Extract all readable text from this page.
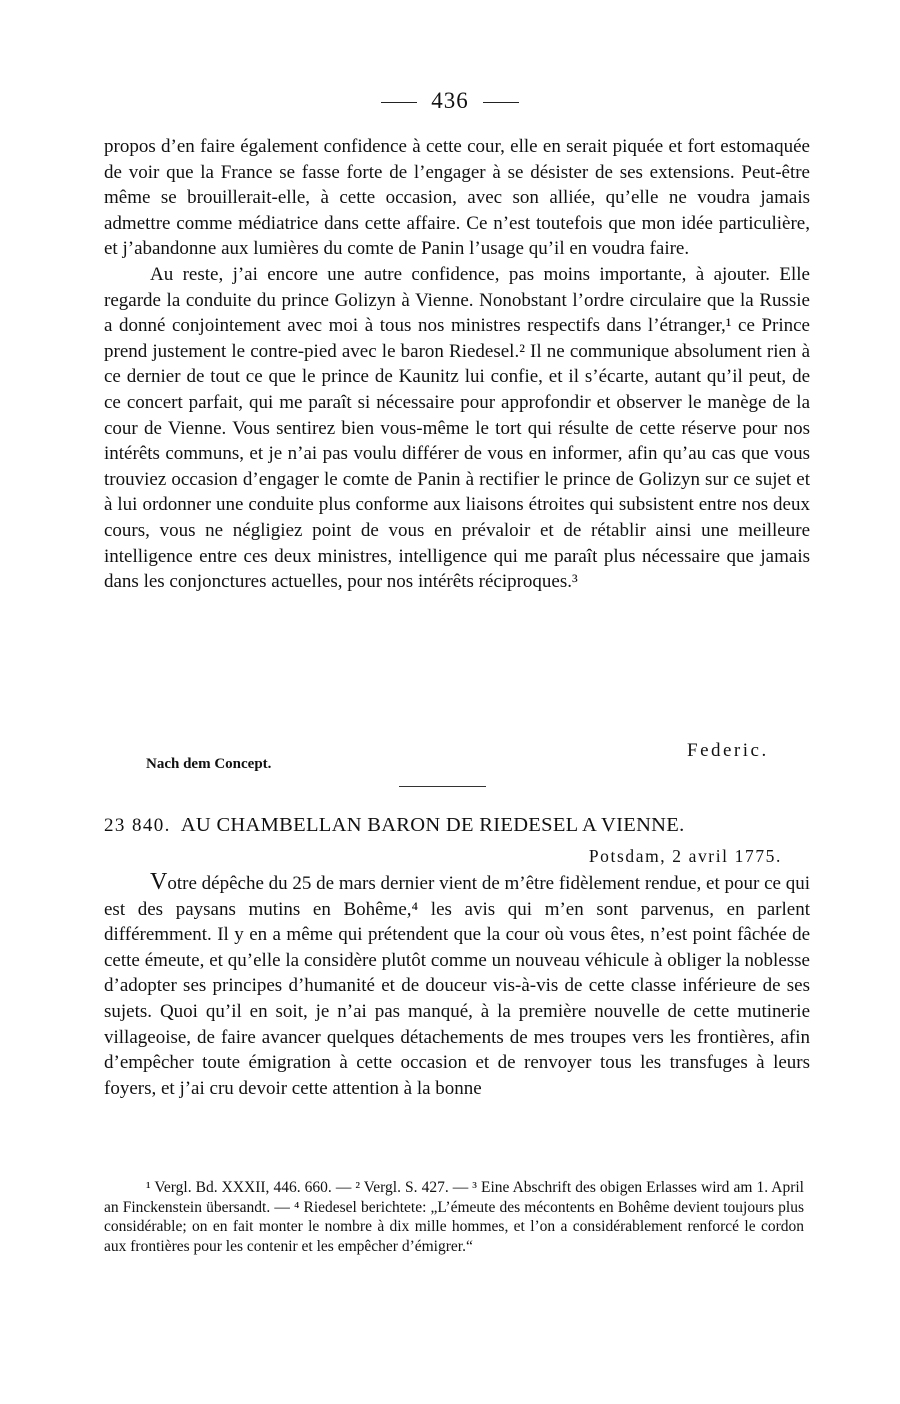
436

propos d’en faire également confidence à cette cour, elle en serait piquée et fort estomaquée de voir que la France se fasse forte de l’engager à se désister de ses extensions. Peut-être même se brouillerait-elle, à cette occasion, avec son alliée, qu’elle ne voudra jamais admettre comme médiatrice dans cette affaire. Ce n’est toutefois que mon idée particulière, et j’abandonne aux lumières du comte de Panin l’usage qu’il en voudra faire.

Au reste, j’ai encore une autre confidence, pas moins importante, à ajouter. Elle regarde la conduite du prince Golizyn à Vienne. Nonobstant l’ordre circulaire que la Russie a donné conjointement avec moi à tous nos ministres respectifs dans l’étranger,¹ ce Prince prend justement le contre-pied avec le baron Riedesel.² Il ne communique absolument rien à ce dernier de tout ce que le prince de Kaunitz lui confie, et il s’écarte, autant qu’il peut, de ce concert parfait, qui me paraît si nécessaire pour approfondir et observer le manège de la cour de Vienne. Vous sentirez bien vous-même le tort qui résulte de cette réserve pour nos intérêts communs, et je n’ai pas voulu différer de vous en informer, afin qu’au cas que vous trouviez occasion d’engager le comte de Panin à rectifier le prince de Golizyn sur ce sujet et à lui ordonner une conduite plus conforme aux liaisons étroites qui subsistent entre nos deux cours, vous ne négligiez point de vous en prévaloir et de rétablir ainsi une meilleure intelligence entre ces deux ministres, intelligence qui me paraît plus nécessaire que jamais dans les conjonctures actuelles, pour nos intérêts réciproques.³

Federic.
Nach dem Concept.
23 840. AU CHAMBELLAN BARON DE RIEDESEL A VIENNE.
Potsdam, 2 avril 1775.

Votre dépêche du 25 de mars dernier vient de m’être fidèlement rendue, et pour ce qui est des paysans mutins en Bohême,⁴ les avis qui m’en sont parvenus, en parlent différemment. Il y en a même qui prétendent que la cour où vous êtes, n’est point fâchée de cette émeute, et qu’elle la considère plutôt comme un nouveau véhicule à obliger la noblesse d’adopter ses principes d’humanité et de douceur vis-à-vis de cette classe inférieure de ses sujets. Quoi qu’il en soit, je n’ai pas manqué, à la première nouvelle de cette mutinerie villageoise, de faire avancer quelques détachements de mes troupes vers les frontières, afin d’empêcher toute émigration à cette occasion et de renvoyer tous les transfuges à leurs foyers, et j’ai cru devoir cette attention à la bonne

¹ Vergl. Bd. XXXII, 446. 660. — ² Vergl. S. 427. — ³ Eine Abschrift des obigen Erlasses wird am 1. April an Finckenstein übersandt. — ⁴ Riedesel berichtete: „L’émeute des mécontents en Bohême devient toujours plus considérable; on en fait monter le nombre à dix mille hommes, et l’on a considérablement renforcé le cordon aux frontières pour les contenir et les empêcher d’émigrer.“
